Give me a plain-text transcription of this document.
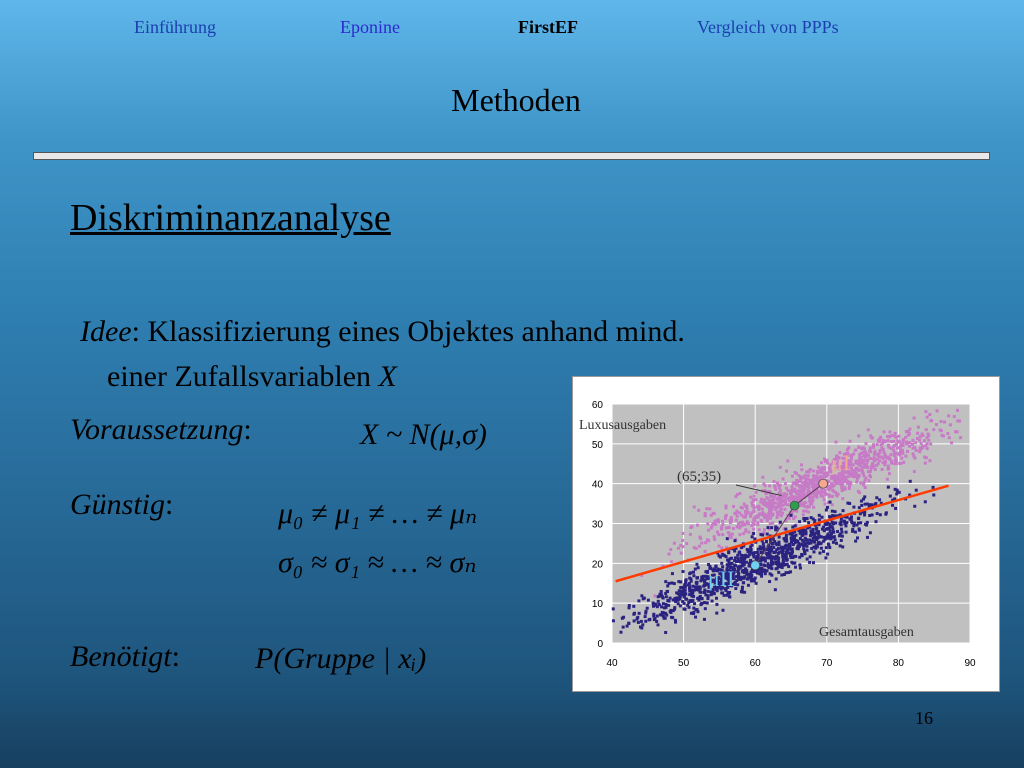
Einführung	Eponine	FirstEF	Vergleich von PPPs
Methoden
Diskriminanzanalyse
Idee: Klassifizierung eines Objektes anhand mind.
einer Zufallsvariablen X
Voraussetzung:	X ~ N(μ,σ)
Günstig:	μ₀ ≠ μ₁ ≠ … ≠ μₙ
σ₀ ≈ σ₁ ≈ … ≈ σₙ
Benötigt:	P(Gruppe | xᵢ)	0
10
20
30
40
50
60
40	50	60	70	80	90
Luxusausgaben
Gesamtausgaben
(65;35)
μI
μII
16
